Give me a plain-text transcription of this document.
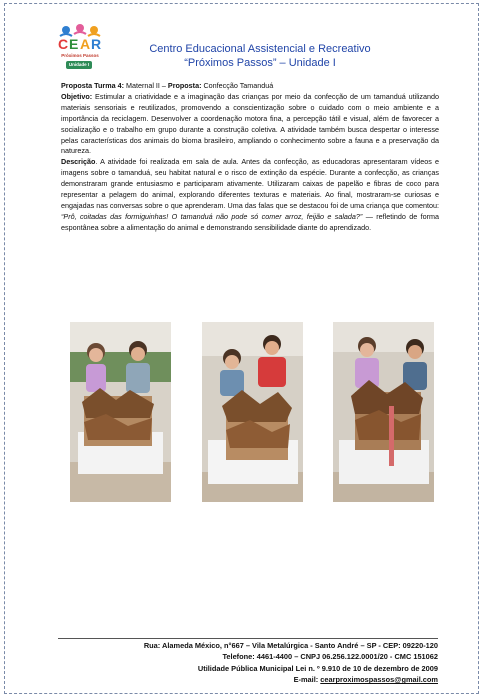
C E A R
Próximos Passos
Unidade I
Centro Educacional Assistencial e Recreativo
“Próximos Passos” – Unidade I

Proposta Turma 4: Maternal II – Proposta: Confecção Tamanduá

Objetivo: Estimular a criatividade e a imaginação das crianças por meio da confecção de um tamanduá utilizando materiais sensoriais e reutilizados, promovendo a conscientização sobre o cuidado com o meio ambiente e a importância da reciclagem. Desenvolver a coordenação motora fina, a percepção tátil e visual, além de favorecer a socialização e o trabalho em grupo durante a construção coletiva. A atividade também busca despertar o interesse pelas características dos animais do bioma brasileiro, ampliando o conhecimento sobre a fauna e a preservação da natureza.

Descrição. A atividade foi realizada em sala de aula. Antes da confecção, as educadoras apresentaram vídeos e imagens sobre o tamanduá, seu habitat natural e o risco de extinção da espécie. Durante a confecção, as crianças demonstraram grande entusiasmo e participaram ativamente. Utilizaram caixas de papelão e fibras de coco para representar a pelagem do animal, explorando diferentes texturas e materiais. Ao final, mostraram-se curiosas e engajadas nas conversas sobre o que aprenderam. Uma das falas que se destacou foi de uma criança que comentou: “Prô, coitadas das formiguinhas! O tamanduá não pode só comer arroz, feijão e salada?” — refletindo de forma espontânea sobre a alimentação do animal e demonstrando sensibilidade diante do aprendizado.

Rua: Alameda México, n°667 – Vila Metalúrgica - Santo André – SP - CEP: 09220-120
Telefone: 4461-4400 – CNPJ 06.256.122.0001/20 - CMC 151062
Utilidade Pública Municipal Lei n. º 9.910 de 10 de dezembro de 2009
E-mail: cearproximospassos@gmail.com
